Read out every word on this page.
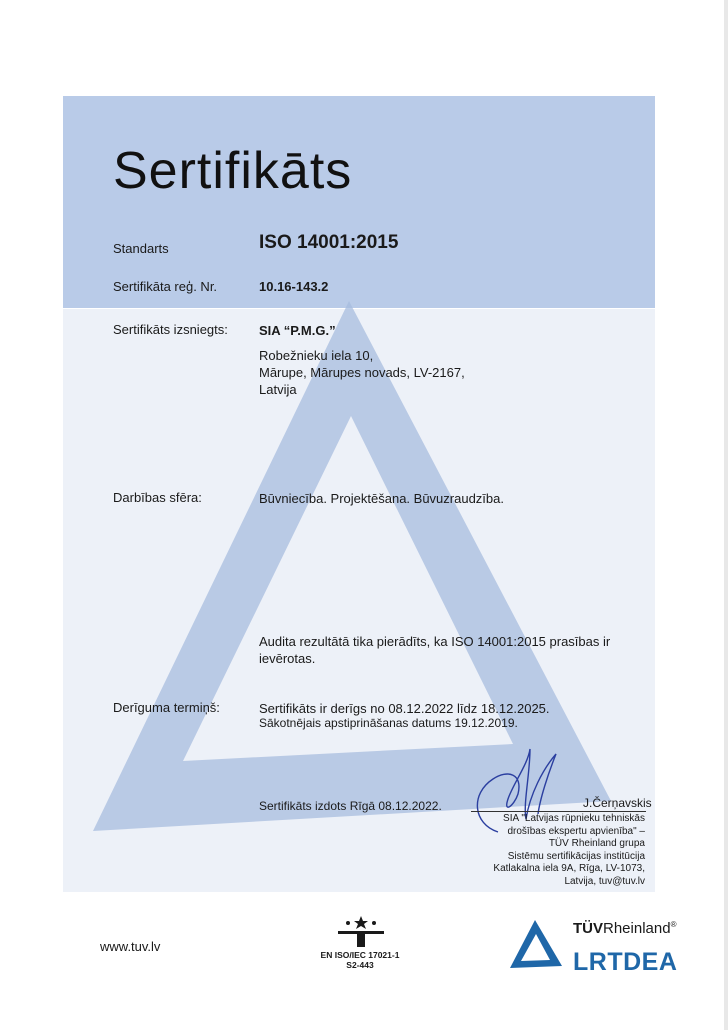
Sertifikāts
Standarts	ISO 14001:2015
Sertifikāta reģ. Nr.	10.16-143.2
Sertifikāts izsniegts: SIA “P.M.G.”
Robežnieku iela 10,
Mārupe, Mārupes novads, LV-2167,
Latvija
Darbības sfēra:	Būvniecība. Projektēšana. Būvuzraudzība.
Audita rezultātā tika pierādīts, ka ISO 14001:2015 prasības ir
ievērotas.
Derīguma termiņš:	Sertifikāts ir derīgs no 08.12.2022 līdz 18.12.2025.
Sākotnējais apstiprināšanas datums 19.12.2019.
Sertifikāts izdots Rīgā 08.12.2022.	J.Čerņavskis
SIA "Latvijas rūpnieku tehniskās
drošības ekspertu apvienība" –
TÜV Rheinland grupa
Sistēmu sertifikācijas institūcija
Katlakalna iela 9A, Rīga, LV-1073,
Latvija, tuv@tuv.lv
www.tuv.lv
EN ISO/IEC 17021-1
S2-443
TÜVRheinland®
LRTDEA
